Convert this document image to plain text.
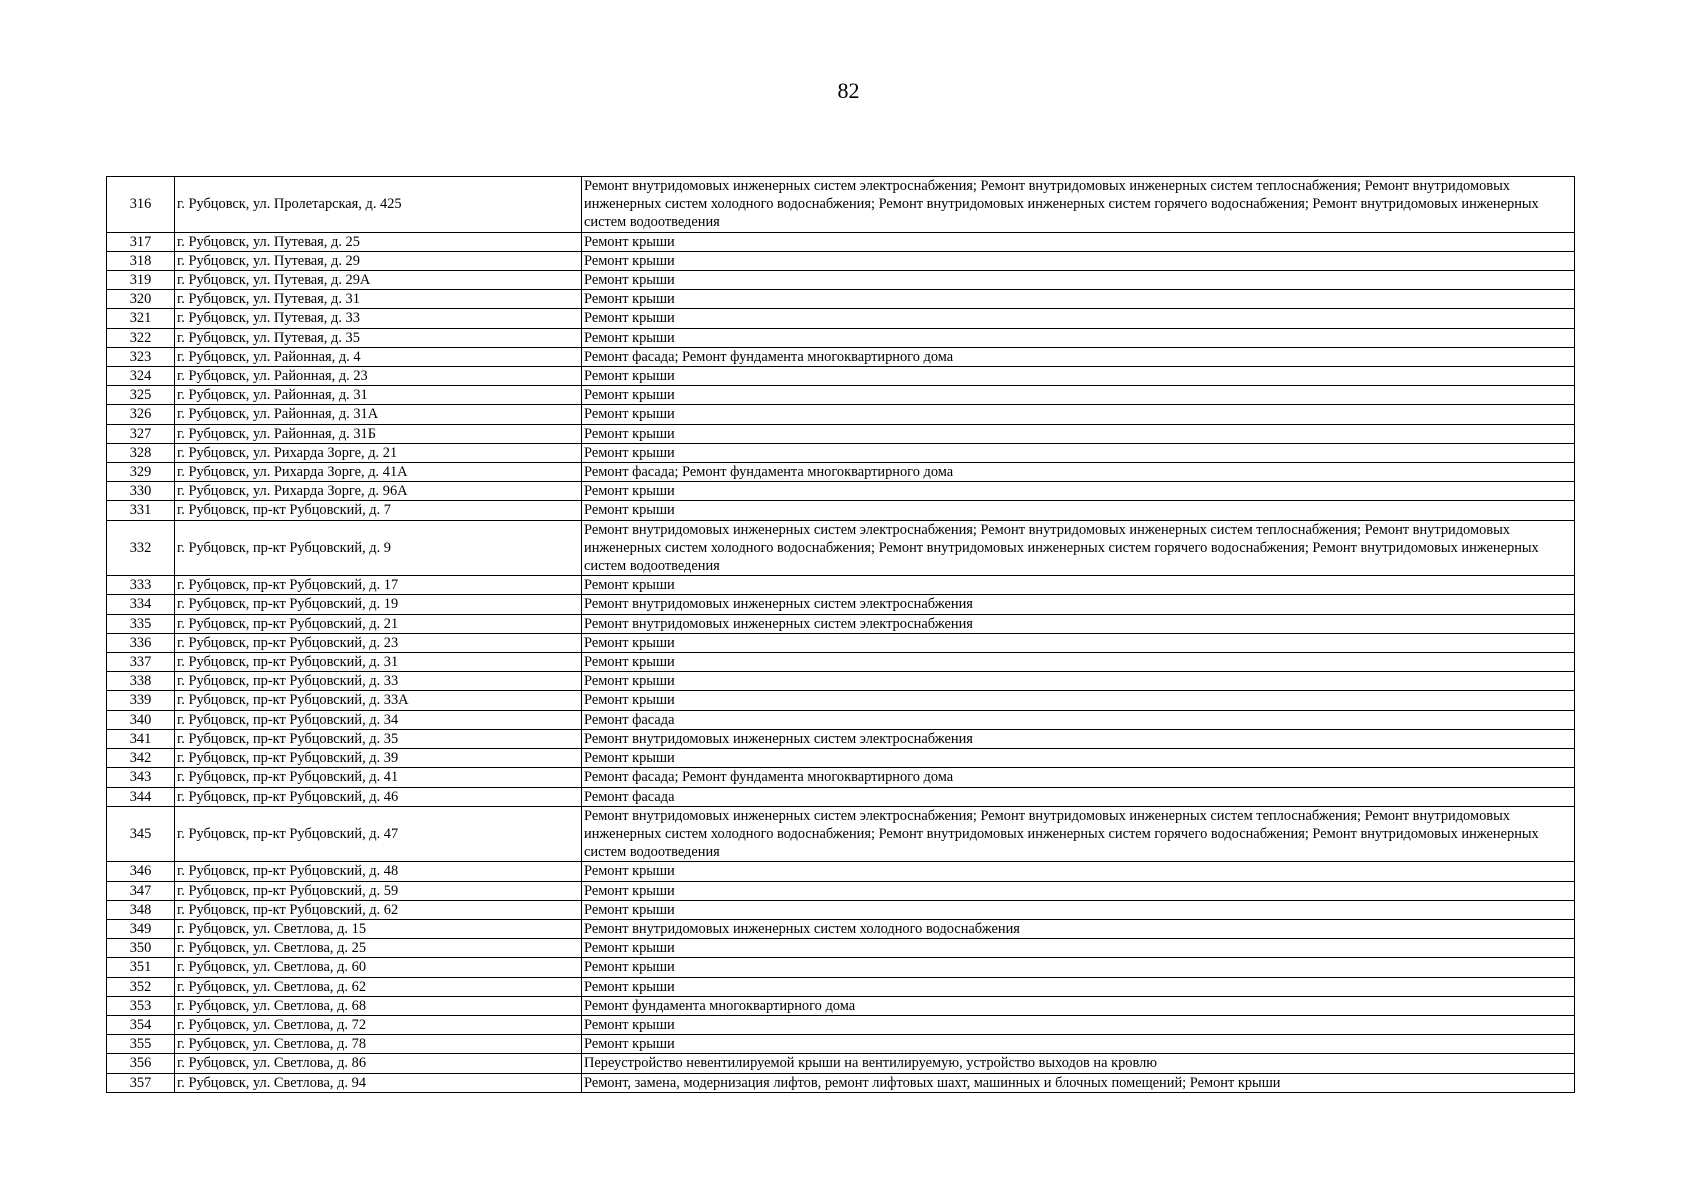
82
316	г. Рубцовск, ул. Пролетарская, д. 425	Ремонт внутридомовых инженерных систем электроснабжения; Ремонт внутридомовых инженерных систем теплоснабжения; Ремонт внутридомовых инженерных систем холодного водоснабжения; Ремонт внутридомовых инженерных систем горячего водоснабжения; Ремонт внутридомовых инженерных систем водоотведения
317	г. Рубцовск, ул. Путевая, д. 25	Ремонт крыши
318	г. Рубцовск, ул. Путевая, д. 29	Ремонт крыши
319	г. Рубцовск, ул. Путевая, д. 29А	Ремонт крыши
320	г. Рубцовск, ул. Путевая, д. 31	Ремонт крыши
321	г. Рубцовск, ул. Путевая, д. 33	Ремонт крыши
322	г. Рубцовск, ул. Путевая, д. 35	Ремонт крыши
323	г. Рубцовск, ул. Районная, д. 4	Ремонт фасада; Ремонт фундамента многоквартирного дома
324	г. Рубцовск, ул. Районная, д. 23	Ремонт крыши
325	г. Рубцовск, ул. Районная, д. 31	Ремонт крыши
326	г. Рубцовск, ул. Районная, д. 31А	Ремонт крыши
327	г. Рубцовск, ул. Районная, д. 31Б	Ремонт крыши
328	г. Рубцовск, ул. Рихарда Зорге, д. 21	Ремонт крыши
329	г. Рубцовск, ул. Рихарда Зорге, д. 41А	Ремонт фасада; Ремонт фундамента многоквартирного дома
330	г. Рубцовск, ул. Рихарда Зорге, д. 96А	Ремонт крыши
331	г. Рубцовск, пр-кт Рубцовский, д. 7	Ремонт крыши
332	г. Рубцовск, пр-кт Рубцовский, д. 9	Ремонт внутридомовых инженерных систем электроснабжения; Ремонт внутридомовых инженерных систем теплоснабжения; Ремонт внутридомовых инженерных систем холодного водоснабжения; Ремонт внутридомовых инженерных систем горячего водоснабжения; Ремонт внутридомовых инженерных систем водоотведения
333	г. Рубцовск, пр-кт Рубцовский, д. 17	Ремонт крыши
334	г. Рубцовск, пр-кт Рубцовский, д. 19	Ремонт внутридомовых инженерных систем электроснабжения
335	г. Рубцовск, пр-кт Рубцовский, д. 21	Ремонт внутридомовых инженерных систем электроснабжения
336	г. Рубцовск, пр-кт Рубцовский, д. 23	Ремонт крыши
337	г. Рубцовск, пр-кт Рубцовский, д. 31	Ремонт крыши
338	г. Рубцовск, пр-кт Рубцовский, д. 33	Ремонт крыши
339	г. Рубцовск, пр-кт Рубцовский, д. 33А	Ремонт крыши
340	г. Рубцовск, пр-кт Рубцовский, д. 34	Ремонт фасада
341	г. Рубцовск, пр-кт Рубцовский, д. 35	Ремонт внутридомовых инженерных систем электроснабжения
342	г. Рубцовск, пр-кт Рубцовский, д. 39	Ремонт крыши
343	г. Рубцовск, пр-кт Рубцовский, д. 41	Ремонт фасада; Ремонт фундамента многоквартирного дома
344	г. Рубцовск, пр-кт Рубцовский, д. 46	Ремонт фасада
345	г. Рубцовск, пр-кт Рубцовский, д. 47	Ремонт внутридомовых инженерных систем электроснабжения; Ремонт внутридомовых инженерных систем теплоснабжения; Ремонт внутридомовых инженерных систем холодного водоснабжения; Ремонт внутридомовых инженерных систем горячего водоснабжения; Ремонт внутридомовых инженерных систем водоотведения
346	г. Рубцовск, пр-кт Рубцовский, д. 48	Ремонт крыши
347	г. Рубцовск, пр-кт Рубцовский, д. 59	Ремонт крыши
348	г. Рубцовск, пр-кт Рубцовский, д. 62	Ремонт крыши
349	г. Рубцовск, ул. Светлова, д. 15	Ремонт внутридомовых инженерных систем холодного водоснабжения
350	г. Рубцовск, ул. Светлова, д. 25	Ремонт крыши
351	г. Рубцовск, ул. Светлова, д. 60	Ремонт крыши
352	г. Рубцовск, ул. Светлова, д. 62	Ремонт крыши
353	г. Рубцовск, ул. Светлова, д. 68	Ремонт фундамента многоквартирного дома
354	г. Рубцовск, ул. Светлова, д. 72	Ремонт крыши
355	г. Рубцовск, ул. Светлова, д. 78	Ремонт крыши
356	г. Рубцовск, ул. Светлова, д. 86	Переустройство невентилируемой крыши на вентилируемую, устройство выходов на кровлю
357	г. Рубцовск, ул. Светлова, д. 94	Ремонт, замена, модернизация лифтов, ремонт лифтовых шахт, машинных и блочных помещений; Ремонт крыши
